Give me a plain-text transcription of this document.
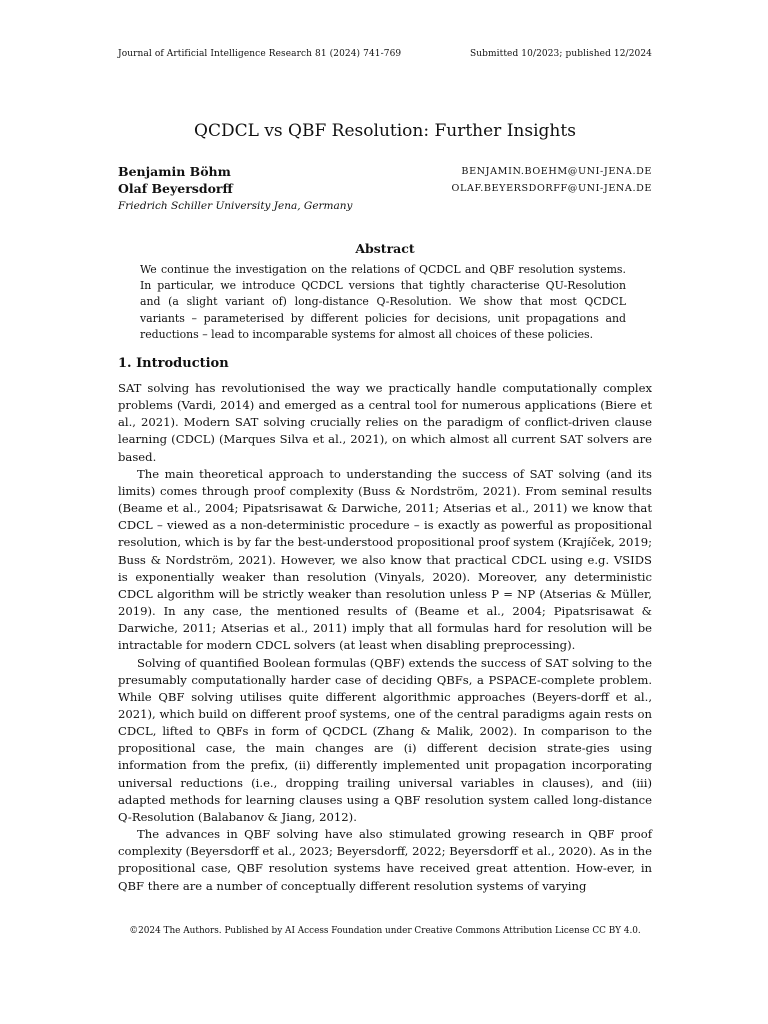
Journal of Artificial Intelligence Research 81 (2024) 741-769	Submitted 10/2023; published 12/2024
QCDCL vs QBF Resolution: Further Insights
Benjamin Böhm	BENJAMIN.BOEHM@UNI-JENA.DE
Olaf Beyersdorff	OLAF.BEYERSDORFF@UNI-JENA.DE
Friedrich Schiller University Jena, Germany
Abstract
We continue the investigation on the relations of QCDCL and QBF resolution systems. In particular, we introduce QCDCL versions that tightly characterise QU-Resolution and (a slight variant of) long-distance Q-Resolution. We show that most QCDCL variants – parameterised by different policies for decisions, unit propagations and reductions – lead to incomparable systems for almost all choices of these policies.
1. Introduction

SAT solving has revolutionised the way we practically handle computationally complex problems (Vardi, 2014) and emerged as a central tool for numerous applications (Biere et al., 2021). Modern SAT solving crucially relies on the paradigm of conflict-driven clause learning (CDCL) (Marques Silva et al., 2021), on which almost all current SAT solvers are based.

The main theoretical approach to understanding the success of SAT solving (and its limits) comes through proof complexity (Buss & Nordström, 2021). From seminal results (Beame et al., 2004; Pipatsrisawat & Darwiche, 2011; Atserias et al., 2011) we know that CDCL – viewed as a non-deterministic procedure – is exactly as powerful as propositional resolution, which is by far the best-understood propositional proof system (Krajíček, 2019; Buss & Nordström, 2021). However, we also know that practical CDCL using e.g. VSIDS is exponentially weaker than resolution (Vinyals, 2020). Moreover, any deterministic CDCL algorithm will be strictly weaker than resolution unless P = NP (Atserias & Müller, 2019). In any case, the mentioned results of (Beame et al., 2004; Pipatsrisawat & Darwiche, 2011; Atserias et al., 2011) imply that all formulas hard for resolution will be intractable for modern CDCL solvers (at least when disabling preprocessing).

Solving of quantified Boolean formulas (QBF) extends the success of SAT solving to the presumably computationally harder case of deciding QBFs, a PSPACE-complete problem. While QBF solving utilises quite different algorithmic approaches (Beyers-dorff et al., 2021), which build on different proof systems, one of the central paradigms again rests on CDCL, lifted to QBFs in form of QCDCL (Zhang & Malik, 2002). In comparison to the propositional case, the main changes are (i) different decision strate-gies using information from the prefix, (ii) differently implemented unit propagation incorporating universal reductions (i.e., dropping trailing universal variables in clauses), and (iii) adapted methods for learning clauses using a QBF resolution system called long-distance Q-Resolution (Balabanov & Jiang, 2012).

The advances in QBF solving have also stimulated growing research in QBF proof complexity (Beyersdorff et al., 2023; Beyersdorff, 2022; Beyersdorff et al., 2020). As in the propositional case, QBF resolution systems have received great attention. How-ever, in QBF there are a number of conceptually different resolution systems of varying

©2024 The Authors. Published by AI Access Foundation under Creative Commons Attribution License CC BY 4.0.
